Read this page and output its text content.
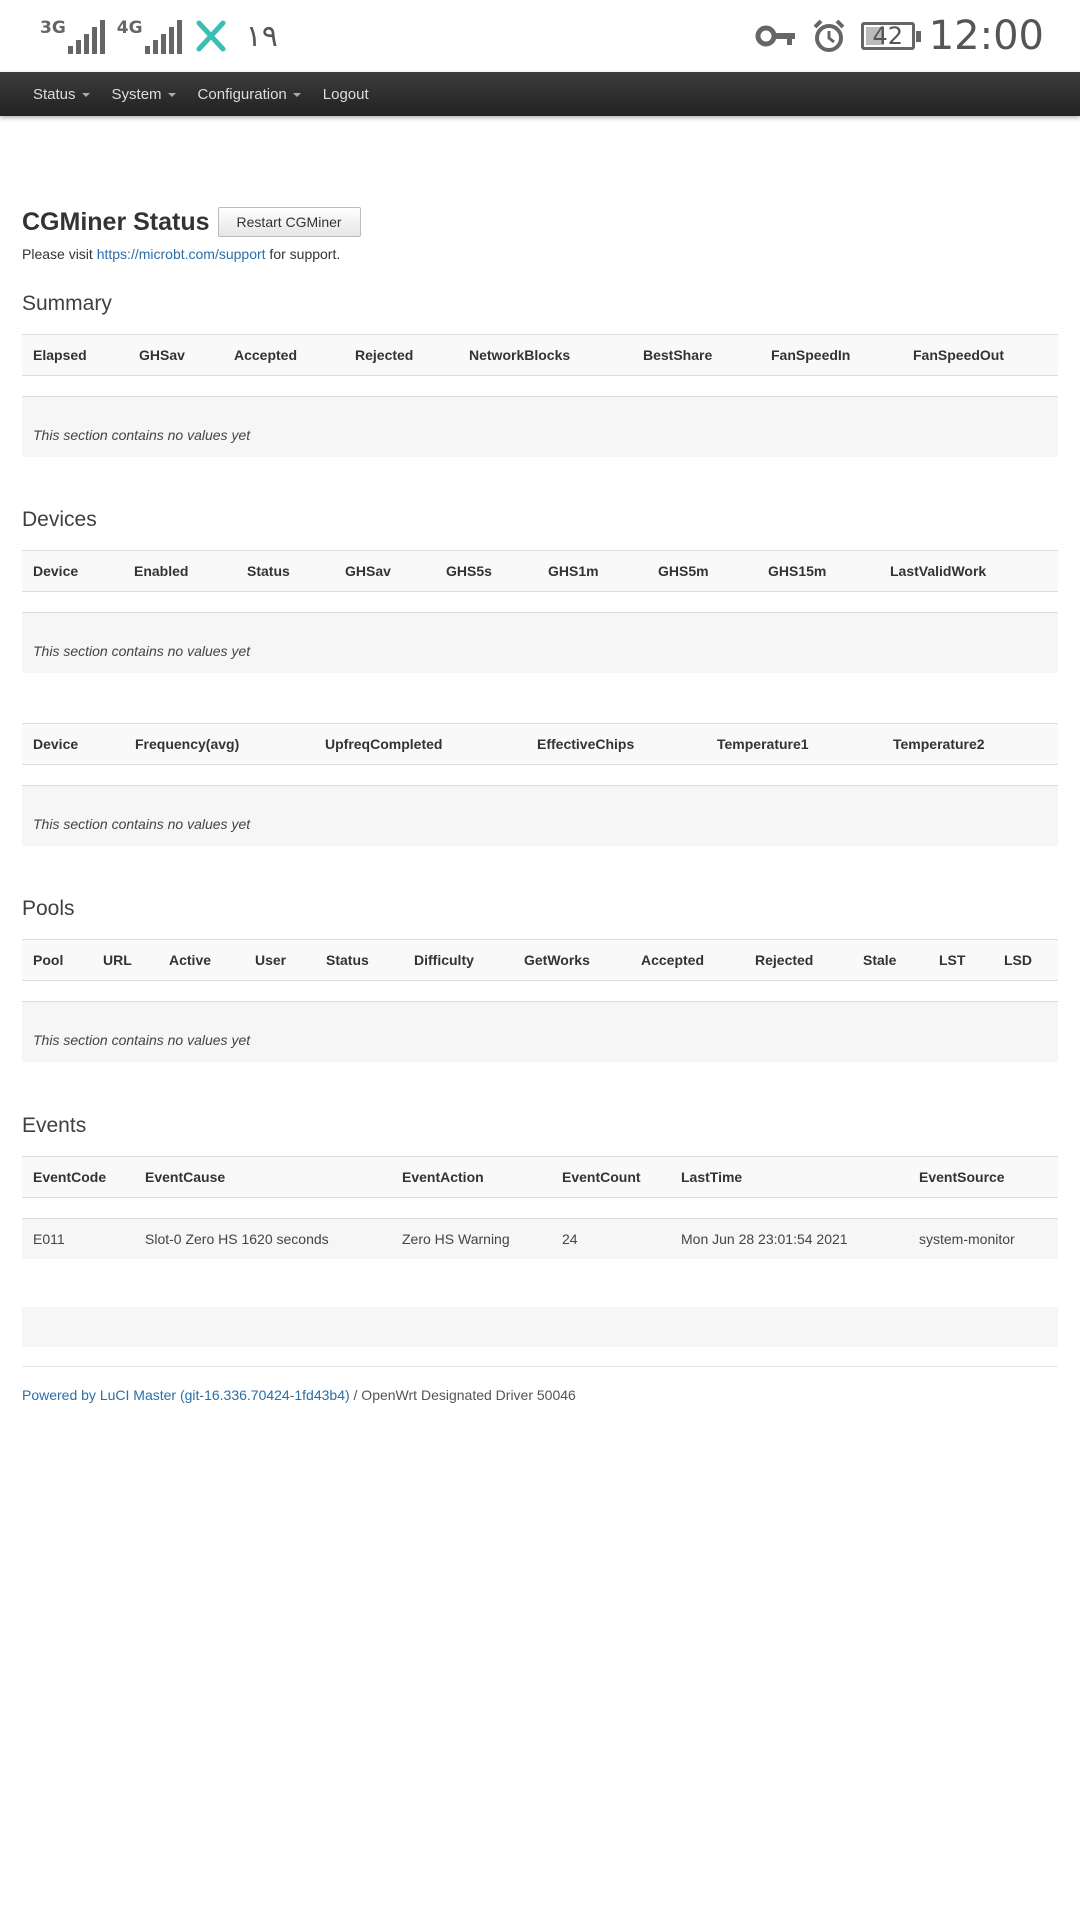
3G	4G	١٩	42 12:00
Status System Configuration Logout
CGMiner Status	Restart CGMiner
Please visit https://microbt.com/support for support.
Summary
Elapsed	GHSav	Accepted	Rejected	NetworkBlocks	BestShare	FanSpeedIn	FanSpeedOut

This section contains no values yet
Devices
Device	Enabled	Status	GHSav	GHS5s	GHS1m	GHS5m	GHS15m	LastValidWork

This section contains no values yet
Device	Frequency(avg)	UpfreqCompleted	EffectiveChips	Temperature1	Temperature2

This section contains no values yet
Pools
Pool	URL	Active	User	Status	Difficulty	GetWorks	Accepted	Rejected	Stale	LST	LSD

This section contains no values yet
Events
EventCode	EventCause	EventAction	EventCount	LastTime	EventSource

E011	Slot-0 Zero HS 1620 seconds	Zero HS Warning	24	Mon Jun 28 23:01:54 2021	system-monitor
Powered by LuCI Master (git-16.336.70424-1fd43b4) / OpenWrt Designated Driver 50046
